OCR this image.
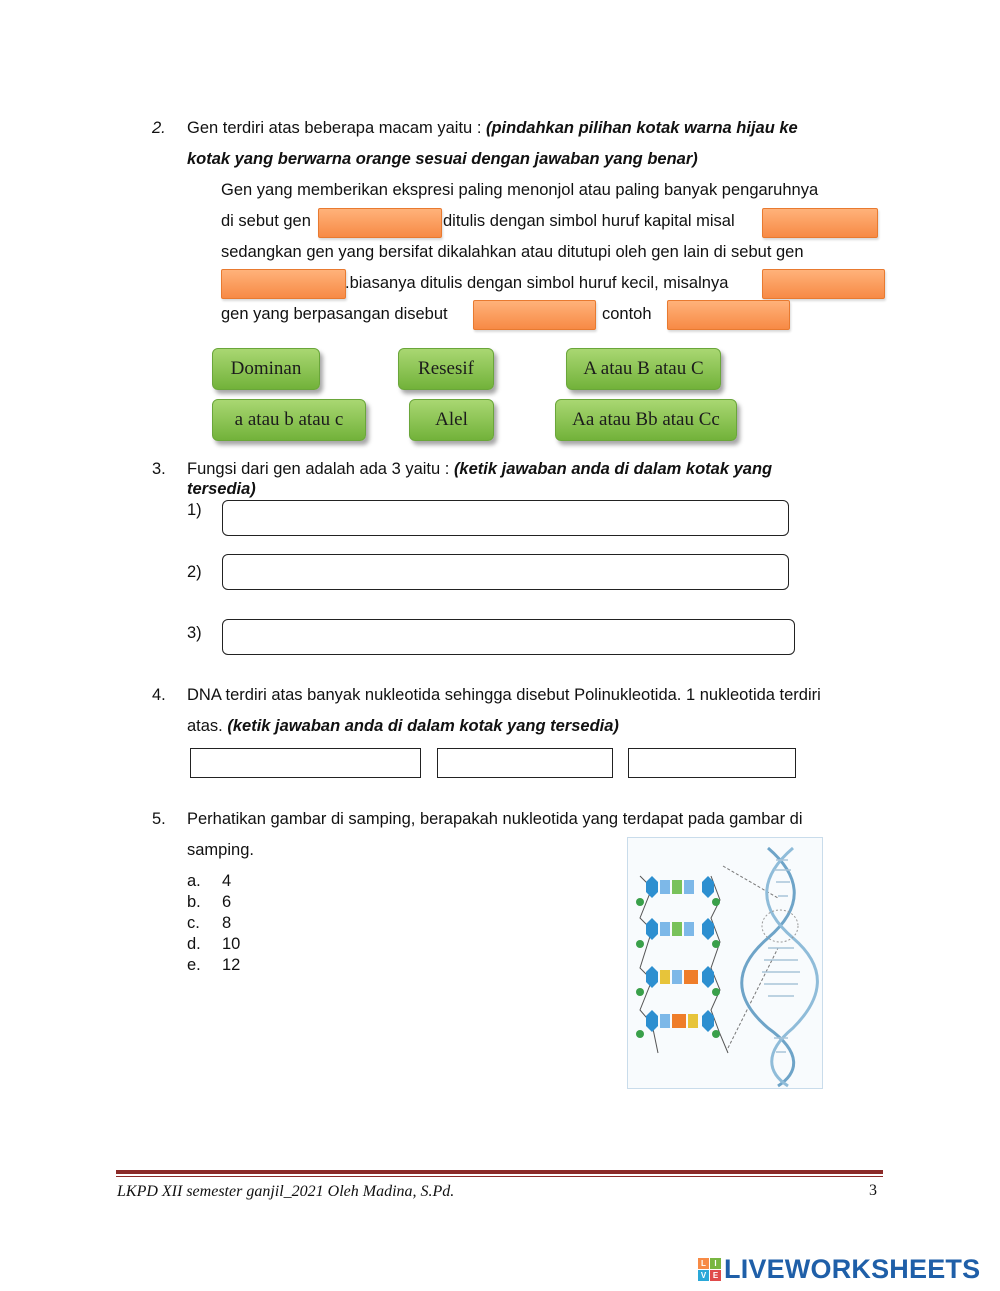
2. Gen terdiri atas beberapa macam yaitu : (pindahkan pilihan kotak warna hijau ke
kotak yang berwarna orange sesuai dengan jawaban yang benar)
Gen yang memberikan ekspresi paling menonjol atau paling banyak pengaruhnya
di sebut gen	ditulis dengan simbol huruf kapital misal
sedangkan gen yang bersifat dikalahkan atau ditutupi oleh gen lain di sebut gen
.biasanya ditulis dengan simbol huruf kecil, misalnya
gen yang berpasangan disebut	contoh
Dominan	Resesif	A atau B atau C
a atau b atau c	Alel	Aa atau Bb atau Cc
3. Fungsi dari gen adalah ada 3 yaitu : (ketik jawaban anda di dalam kotak yang
tersedia)
1)
2)
3)
4. DNA terdiri atas banyak nukleotida sehingga disebut Polinukleotida. 1 nukleotida terdiri
atas. (ketik jawaban anda di dalam kotak yang tersedia)
5. Perhatikan gambar di samping, berapakah nukleotida yang terdapat pada gambar di
samping.
a. 4
b. 6
c. 8
d. 10
e. 12
LKPD XII semester ganjil_2021 Oleh Madina, S.Pd.	3
L	I
V E LIVEWORKSHEETS
